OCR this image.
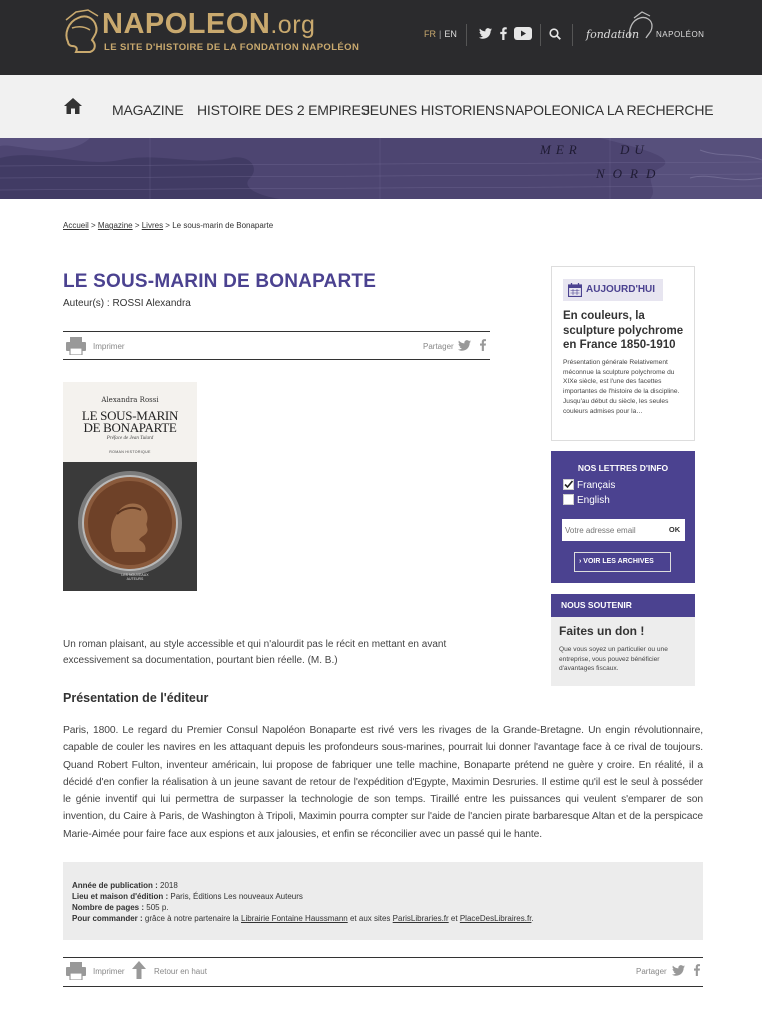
NAPOLEON.org
LE SITE D'HISTOIRE DE LA FONDATION NAPOLÉON
FR | EN	fondation NAPOLÉON
MAGAZINE HISTOIRE DES 2 EMPIRES
JEUNES HISTORIENS NAPOLEONICA LA RECHERCHE
MER	DU
NORD
Accueil > Magazine > Livres > Le sous-marin de Bonaparte
LE SOUS-MARIN DE BONAPARTE
Auteur(s) : ROSSI Alexandra
Imprimer	Partager
Alexandra Rossi
LE SOUS-MARIN
DE BONAPARTE
Préface de Jean Tulard
ROMAN HISTORIQUE
LES NOUVEAUX AUTEURS
Un roman plaisant, au style accessible et qui n'alourdit pas le récit en mettant en avant excessivement sa documentation, pourtant bien réelle. (M. B.)
Présentation de l'éditeur
Paris, 1800. Le regard du Premier Consul Napoléon Bonaparte est rivé vers les rivages de la Grande-Bretagne. Un engin révolutionnaire, capable de couler les navires en les attaquant depuis les profondeurs sous-marines, pourrait lui donner l'avantage face à ce rival de toujours. Quand Robert Fulton, inventeur américain, lui propose de fabriquer une telle machine, Bonaparte prétend ne guère y croire. En réalité, il a décidé d'en confier la réalisation à un jeune savant de retour de l'expédition d'Egypte, Maximin Desruries. Il estime qu'il est le seul à posséder le génie inventif qui lui permettra de surpasser la technologie de son temps. Tiraillé entre les puissances qui veulent s'emparer de son invention, du Caire à Paris, de Washington à Tripoli, Maximin pourra compter sur l'aide de l'ancien pirate barbaresque Altan et de la perspicace Marie-Aimée pour faire face aux espions et aux jalousies, et enfin se réconcilier avec un passé qui le hante.
Année de publication : 2018
Lieu et maison d'édition : Paris, Éditions Les nouveaux Auteurs
Nombre de pages : 505 p.
Pour commander : grâce à notre partenaire la Librairie Fontaine Haussmann et aux sites ParisLibraries.fr et PlaceDesLibraires.fr.
Imprimer	Retour en haut	Partager
AUJOURD'HUI
En couleurs, la sculpture polychrome en France 1850-1910
Présentation générale Relativement méconnue la sculpture polychrome du XIXe siècle, est l'une des facettes importantes de l'histoire de la discipline. Jusqu'au début du siècle, les seules couleurs admises pour la…
NOS LETTRES D'INFO
Français
English
Votre adresse email
OK
› VOIR LES ARCHIVES
NOUS SOUTENIR
Faites un don !
Que vous soyez un particulier ou une entreprise, vous pouvez bénéficier d'avantages fiscaux.
